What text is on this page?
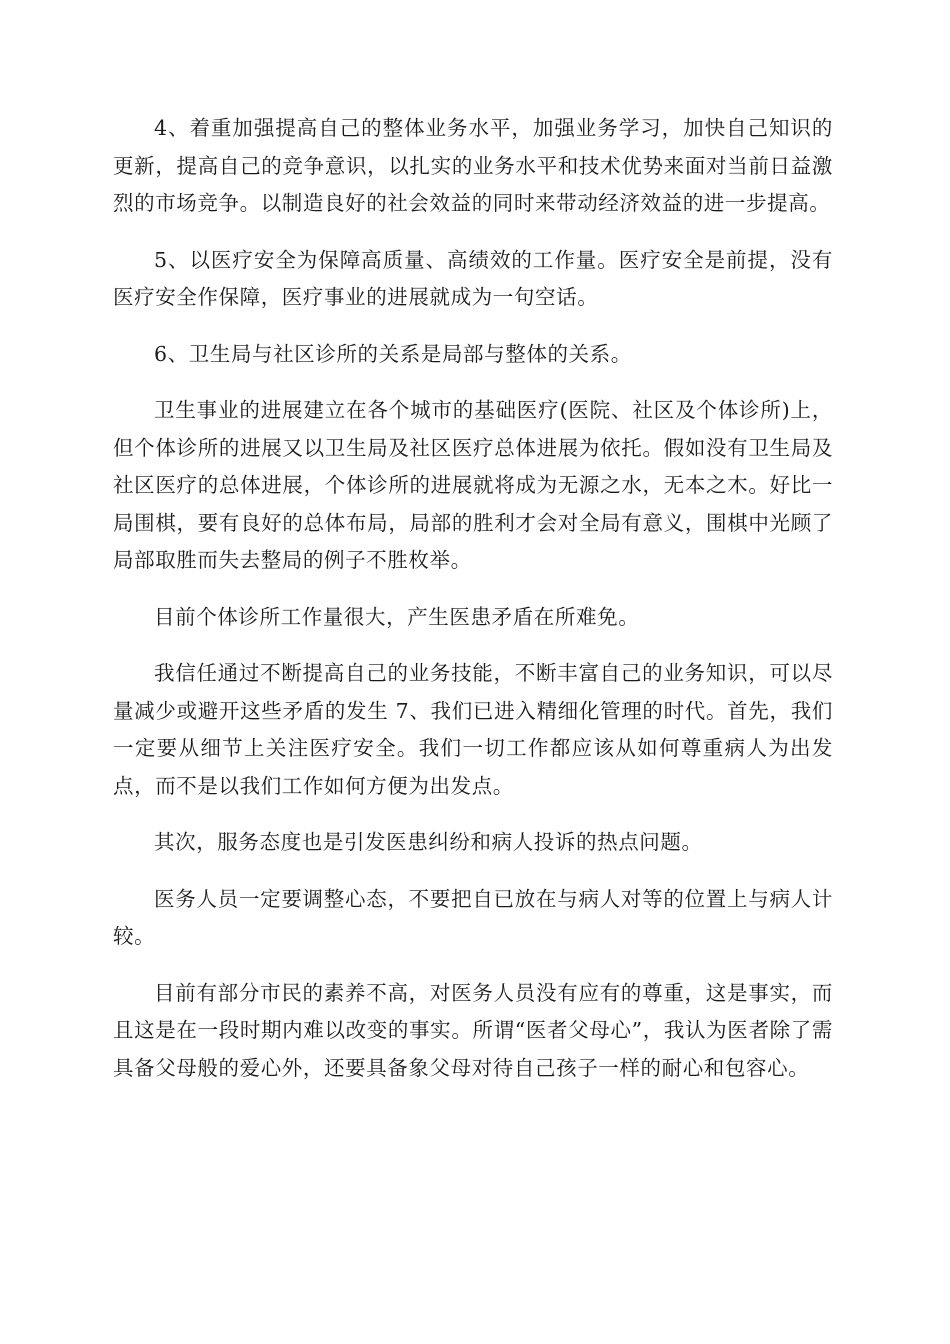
4、着重加强提高自己的整体业务水平，加强业务学习，加快自己知识的更新，提高自己的竞争意识，以扎实的业务水平和技术优势来面对当前日益激烈的市场竞争。以制造良好的社会效益的同时来带动经济效益的进一步提高。

5、以医疗安全为保障高质量、高绩效的工作量。医疗安全是前提，没有医疗安全作保障，医疗事业的进展就成为一句空话。

6、卫生局与社区诊所的关系是局部与整体的关系。

卫生事业的进展建立在各个城市的基础医疗(医院、社区及个体诊所)上，但个体诊所的进展又以卫生局及社区医疗总体进展为依托。假如没有卫生局及社区医疗的总体进展，个体诊所的进展就将成为无源之水，无本之木。好比一局围棋，要有良好的总体布局，局部的胜利才会对全局有意义，围棋中光顾了局部取胜而失去整局的例子不胜枚举。

目前个体诊所工作量很大，产生医患矛盾在所难免。

我信任通过不断提高自己的业务技能，不断丰富自己的业务知识，可以尽量减少或避开这些矛盾的发生 7、我们已进入精细化管理的时代。首先，我们一定要从细节上关注医疗安全。我们一切工作都应该从如何尊重病人为出发点，而不是以我们工作如何方便为出发点。

其次，服务态度也是引发医患纠纷和病人投诉的热点问题。

医务人员一定要调整心态，不要把自已放在与病人对等的位置上与病人计较。

目前有部分市民的素养不高，对医务人员没有应有的尊重，这是事实，而且这是在一段时期内难以改变的事实。所谓“医者父母心”，我认为医者除了需具备父母般的爱心外，还要具备象父母对待自己孩子一样的耐心和包容心。
